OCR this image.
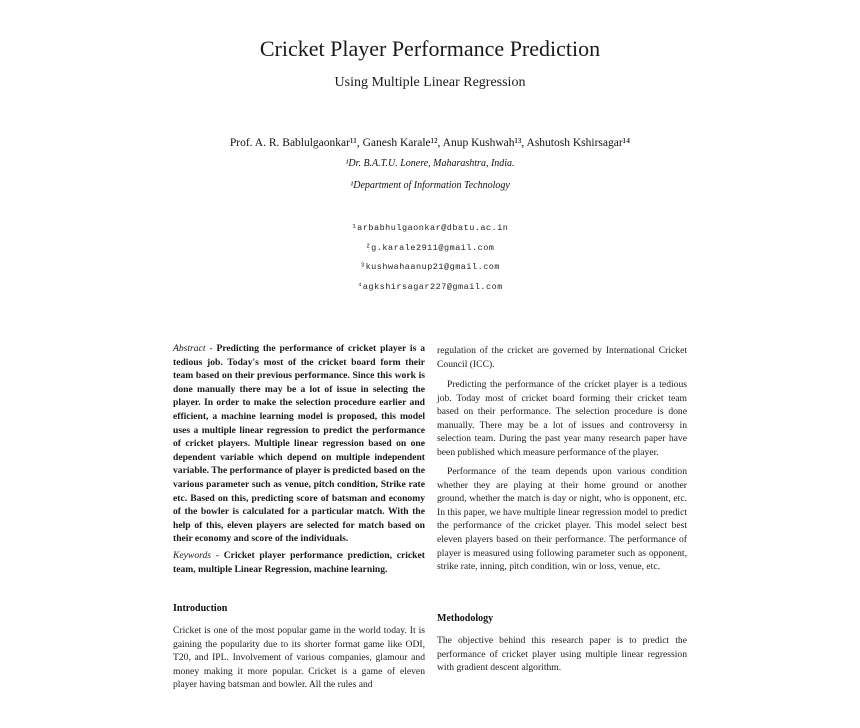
Cricket Player Performance Prediction
Using Multiple Linear Regression
Prof. A. R. Bablulgaonkar¹¹, Ganesh Karale¹², Anup Kushwah¹³, Ashutosh Kshirsagar¹⁴
¹Dr. B.A.T.U. Lonere, Maharashtra, India.
¹Department of Information Technology
¹arbabhulgaonkar@dbatu.ac.in
²g.karale2911@gmail.com
³kushwahaanup21@gmail.com
⁴agkshirsagar227@gmail.com
Abstract - Predicting the performance of cricket player is a tedious job. Today's most of the cricket board form their team based on their previous performance. Since this work is done manually there may be a lot of issue in selecting the player. In order to make the selection procedure earlier and efficient, a machine learning model is proposed, this model uses a multiple linear regression to predict the performance of cricket players. Multiple linear regression based on one dependent variable which depend on multiple independent variable. The performance of player is predicted based on the various parameter such as venue, pitch condition, Strike rate etc. Based on this, predicting score of batsman and economy of the bowler is calculated for a particular match. With the help of this, eleven players are selected for match based on their economy and score of the individuals.
Keywords - Cricket player performance prediction, cricket team, multiple Linear Regression, machine learning.
Introduction
Cricket is one of the most popular game in the world today. It is gaining the popularity due to its shorter format game like ODI, T20, and IPL. Involvement of various companies, glamour and money making it more popular. Cricket is a game of eleven player having batsman and bowler. All the rules and
regulation of the cricket are governed by International Cricket Council (ICC).
Predicting the performance of the cricket player is a tedious job. Today most of cricket board forming their cricket team based on their performance. The selection procedure is done manually. There may be a lot of issues and controversy in selection team. During the past year many research paper have been published which measure performance of the player.
Performance of the team depends upon various condition whether they are playing at their home ground or another ground, whether the match is day or night, who is opponent, etc. In this paper, we have multiple linear regression model to predict the performance of the cricket player. This model select best eleven players based on their performance. The performance of player is measured using following parameter such as opponent, strike rate, inning, pitch condition, win or loss, venue, etc.
Methodology
The objective behind this research paper is to predict the performance of cricket player using multiple linear regression with gradient descent algorithm.
